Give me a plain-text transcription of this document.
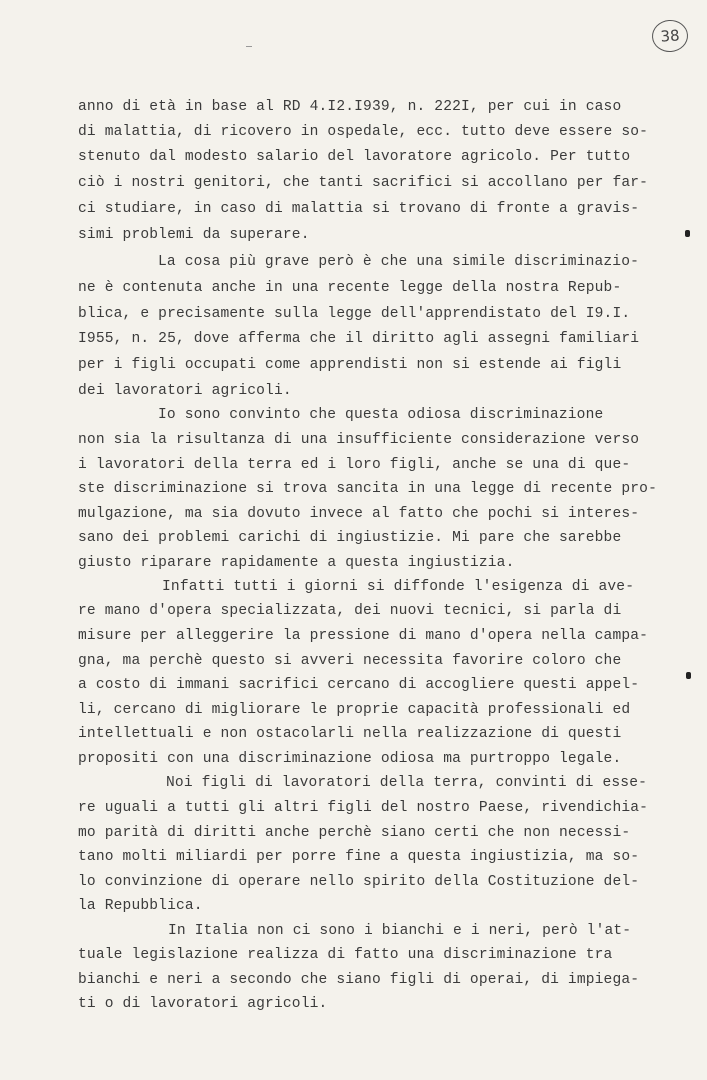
38
anno di età in base al RD 4.I2.I939, n. 222I, per cui in caso
di malattia, di ricovero in ospedale, ecc. tutto deve essere so-
stenuto dal modesto salario del lavoratore agricolo. Per tutto
ciò i nostri genitori, che tanti sacrifici si accollano per far-
ci studiare, in caso di malattia si trovano di fronte a gravis-
simi problemi da superare.
La cosa più grave però è che una simile discriminazio-
ne è contenuta anche in una recente legge della nostra Repub-
blica, e precisamente sulla legge dell'apprendistato del I9.I.
I955, n. 25, dove afferma che il diritto agli assegni familiari
per i figli occupati come apprendisti non si estende ai figli
dei lavoratori agricoli.
Io sono convinto che questa odiosa discriminazione
non sia la risultanza di una insufficiente considerazione verso
i lavoratori della terra ed i loro figli, anche se una di que-
ste discriminazione si trova sancita in una legge di recente pro-
mulgazione, ma sia dovuto invece al fatto che pochi si interes-
sano dei problemi carichi di ingiustizie. Mi pare che sarebbe
giusto riparare rapidamente a questa ingiustizia.
Infatti tutti i giorni si diffonde l'esigenza di ave-
re mano d'opera specializzata, dei nuovi tecnici, si parla di
misure per alleggerire la pressione di mano d'opera nella campa-
gna, ma perchè questo si avveri necessita favorire coloro che
a costo di immani sacrifici cercano di accogliere questi appel-
li, cercano di migliorare le proprie capacità professionali ed
intellettuali e non ostacolarli nella realizzazione di questi
propositi con una discriminazione odiosa ma purtroppo legale.
Noi figli di lavoratori della terra, convinti di esse-
re uguali a tutti gli altri figli del nostro Paese, rivendichia-
mo parità di diritti anche perchè siano certi che non necessi-
tano molti miliardi per porre fine a questa ingiustizia, ma so-
lo convinzione di operare nello spirito della Costituzione del-
la Repubblica.
In Italia non ci sono i bianchi e i neri, però l'at-
tuale legislazione realizza di fatto una discriminazione tra
bianchi e neri a secondo che siano figli di operai, di impiega-
ti o di lavoratori agricoli.
